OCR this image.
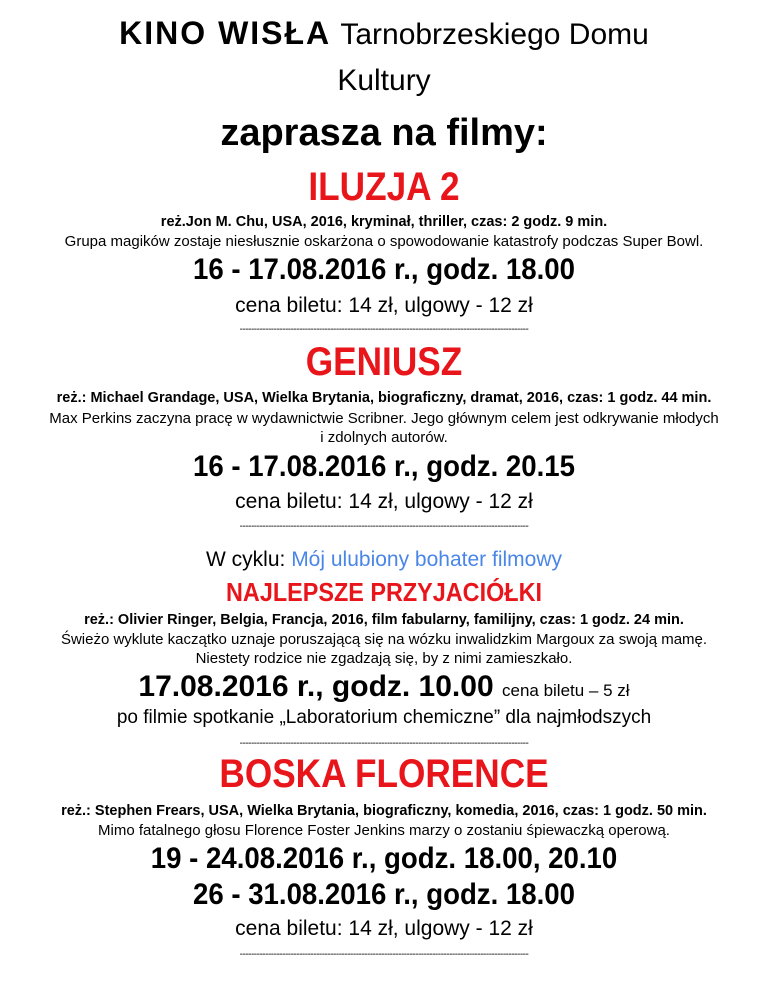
KINO WISŁA Tarnobrzeskiego Domu
Kultury
zaprasza na filmy:
ILUZJA 2
reż.Jon M. Chu, USA, 2016, kryminał, thriller, czas: 2 godz. 9 min.
Grupa magików zostaje niesłusznie oskarżona o spowodowanie katastrofy podczas Super Bowl.
16 - 17.08.2016 r., godz. 18.00
cena biletu: 14 zł, ulgowy - 12 zł
------------------------------------------------------------------------------------------------------
GENIUSZ
reż.: Michael Grandage, USA, Wielka Brytania, biograficzny, dramat, 2016, czas: 1 godz. 44 min.
Max Perkins zaczyna pracę w wydawnictwie Scribner. Jego głównym celem jest odkrywanie młodych
i zdolnych autorów.
16 - 17.08.2016 r., godz. 20.15
cena biletu: 14 zł, ulgowy - 12 zł
------------------------------------------------------------------------------------------------------
W cyklu: Mój ulubiony bohater filmowy
NAJLEPSZE PRZYJACIÓŁKI
reż.: Olivier Ringer, Belgia, Francja, 2016, film fabularny, familijny, czas: 1 godz. 24 min.
Świeżo wyklute kaczątko uznaje poruszającą się na wózku inwalidzkim Margoux za swoją mamę.
Niestety rodzice nie zgadzają się, by z nimi zamieszkało.
17.08.2016 r., godz. 10.00 cena biletu – 5 zł
po filmie spotkanie „Laboratorium chemiczne” dla najmłodszych
------------------------------------------------------------------------------------------------------
BOSKA FLORENCE
reż.: Stephen Frears, USA, Wielka Brytania, biograficzny, komedia, 2016, czas: 1 godz. 50 min.
Mimo fatalnego głosu Florence Foster Jenkins marzy o zostaniu śpiewaczką operową.
19 - 24.08.2016 r., godz. 18.00, 20.10
26 - 31.08.2016 r., godz. 18.00
cena biletu: 14 zł, ulgowy - 12 zł
------------------------------------------------------------------------------------------------------
